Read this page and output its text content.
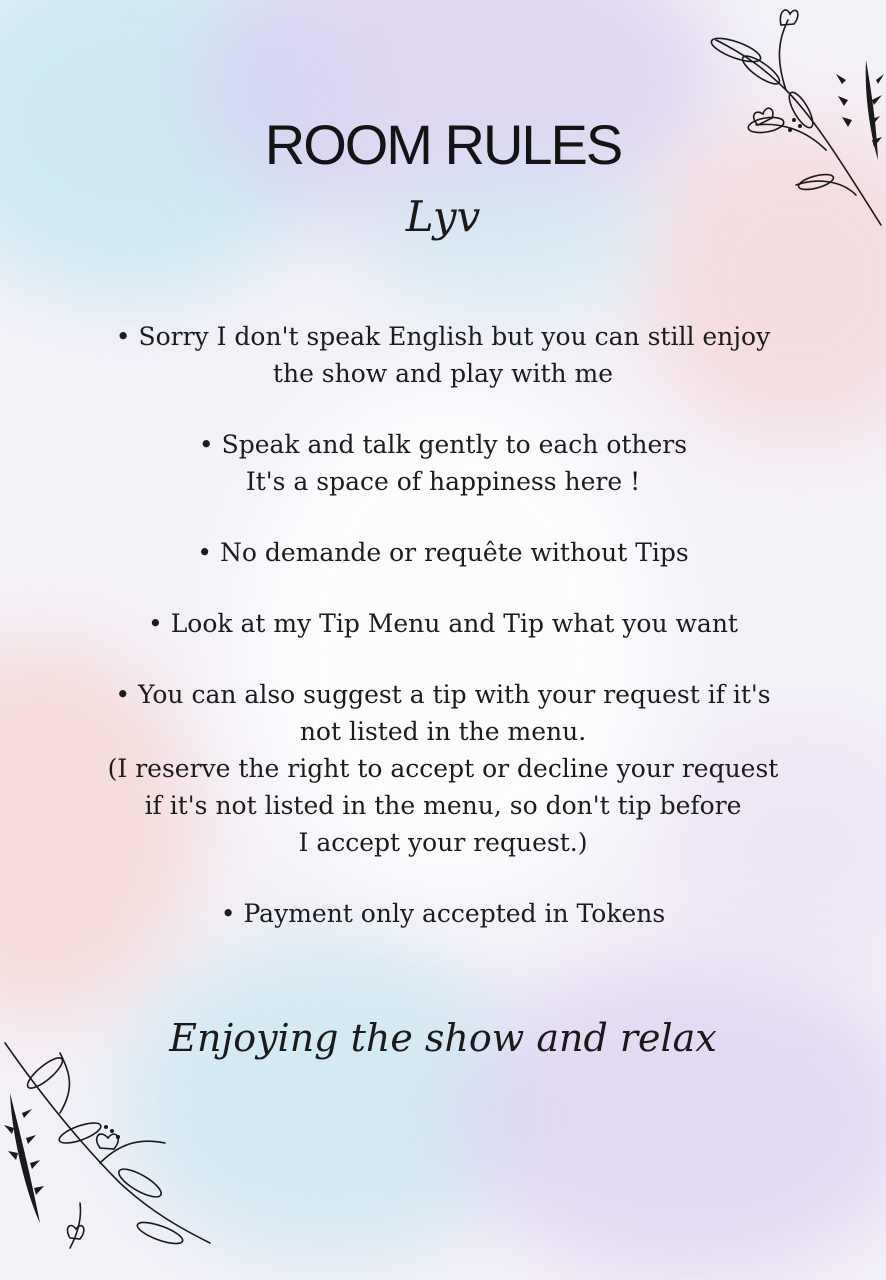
ROOM RULES
Lyv
• Sorry I don't speak English but you can still enjoy
the show and play with me
• Speak and talk gently to each others
It's a space of happiness here !
• No demande or requête without Tips
• Look at my Tip Menu and Tip what you want
• You can also suggest a tip with your request if it's
not listed in the menu.
(I reserve the right to accept or decline your request
if it's not listed in the menu, so don't tip before
I accept your request.)
• Payment only accepted in Tokens
Enjoying the show and relax
